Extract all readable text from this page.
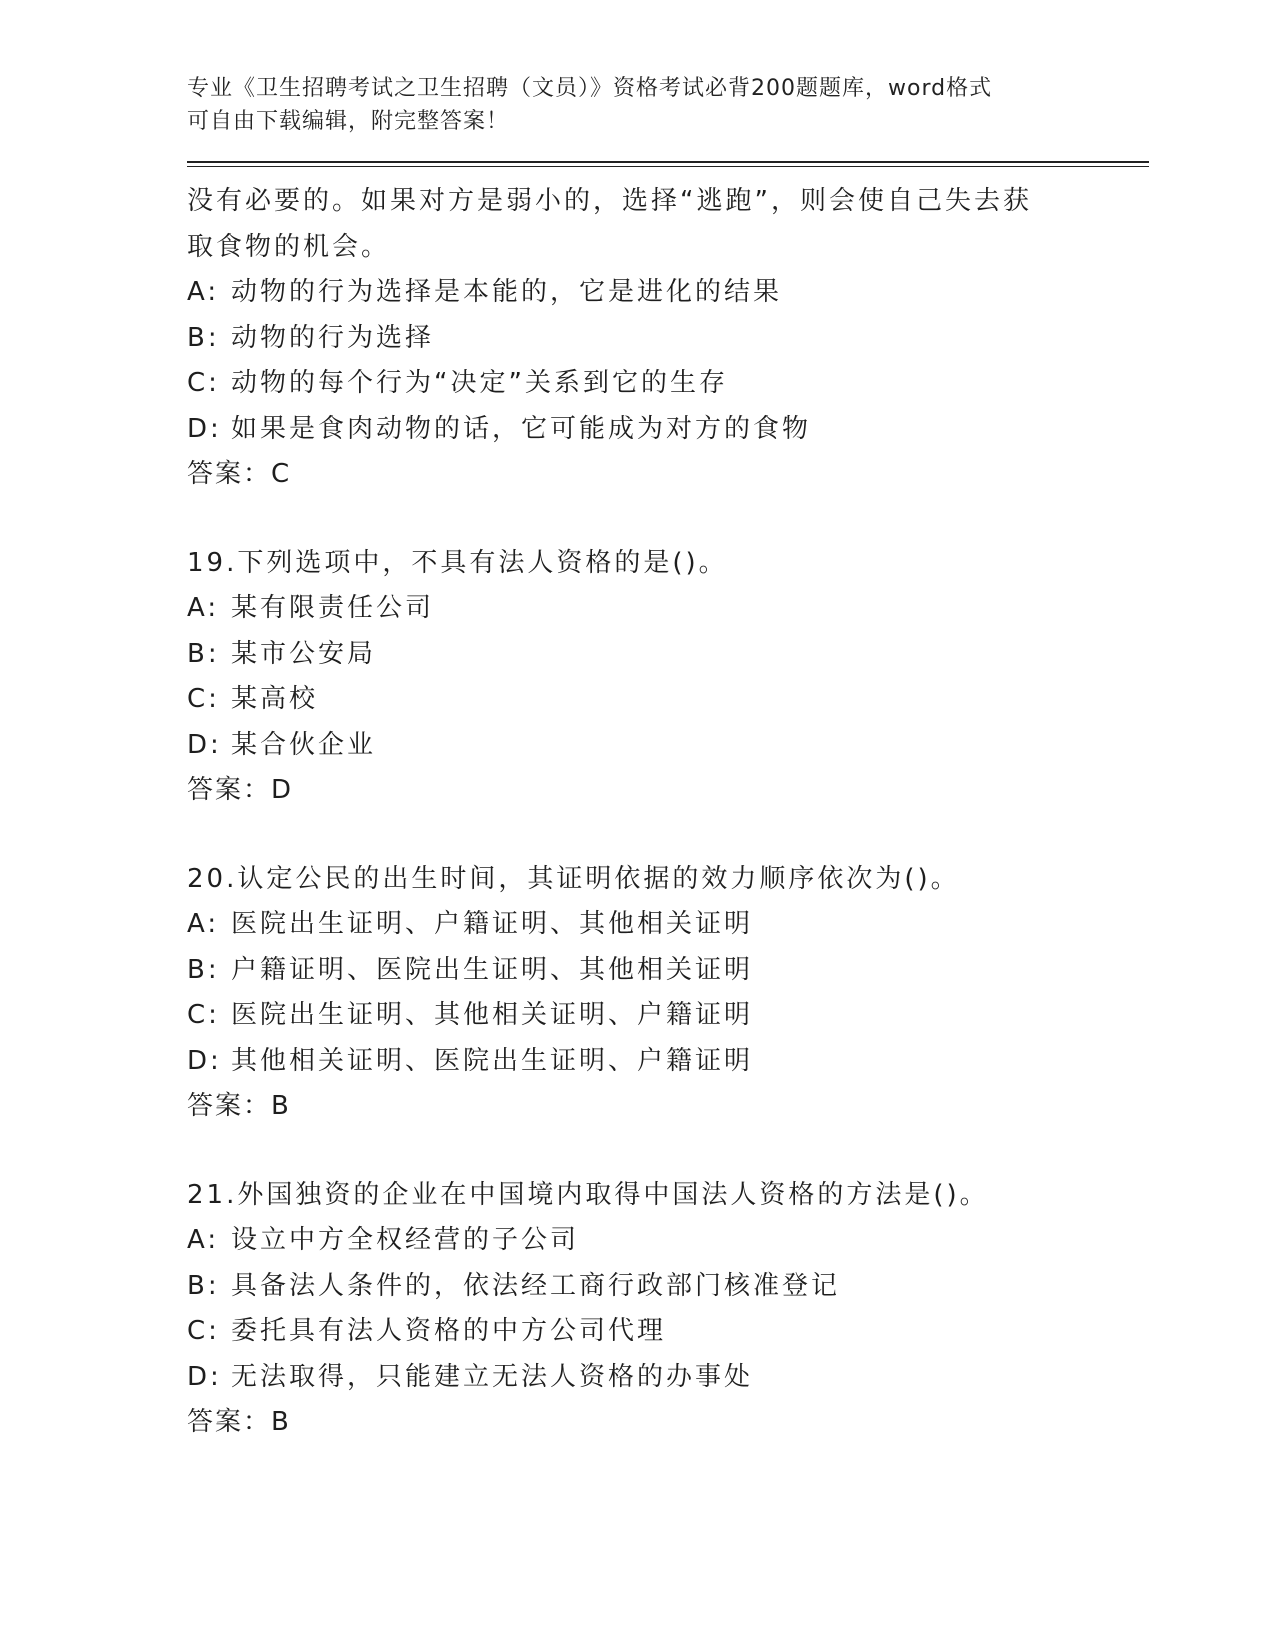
专业《卫生招聘考试之卫生招聘（文员）》资格考试必背200题题库，word格式
可自由下载编辑，附完整答案！
没有必要的。如果对方是弱小的，选择“逃跑”，则会使自己失去获
取食物的机会。
A: 动物的行为选择是本能的，它是进化的结果
B: 动物的行为选择
C: 动物的每个行为“决定”关系到它的生存
D: 如果是食肉动物的话，它可能成为对方的食物
答案：C
19.下列选项中，不具有法人资格的是()。
A: 某有限责任公司
B: 某市公安局
C: 某高校
D: 某合伙企业
答案：D
20.认定公民的出生时间，其证明依据的效力顺序依次为()。
A: 医院出生证明、户籍证明、其他相关证明
B: 户籍证明、医院出生证明、其他相关证明
C: 医院出生证明、其他相关证明、户籍证明
D: 其他相关证明、医院出生证明、户籍证明
答案：B
21.外国独资的企业在中国境内取得中国法人资格的方法是()。
A: 设立中方全权经营的子公司
B: 具备法人条件的，依法经工商行政部门核准登记
C: 委托具有法人资格的中方公司代理
D: 无法取得，只能建立无法人资格的办事处
答案：B
